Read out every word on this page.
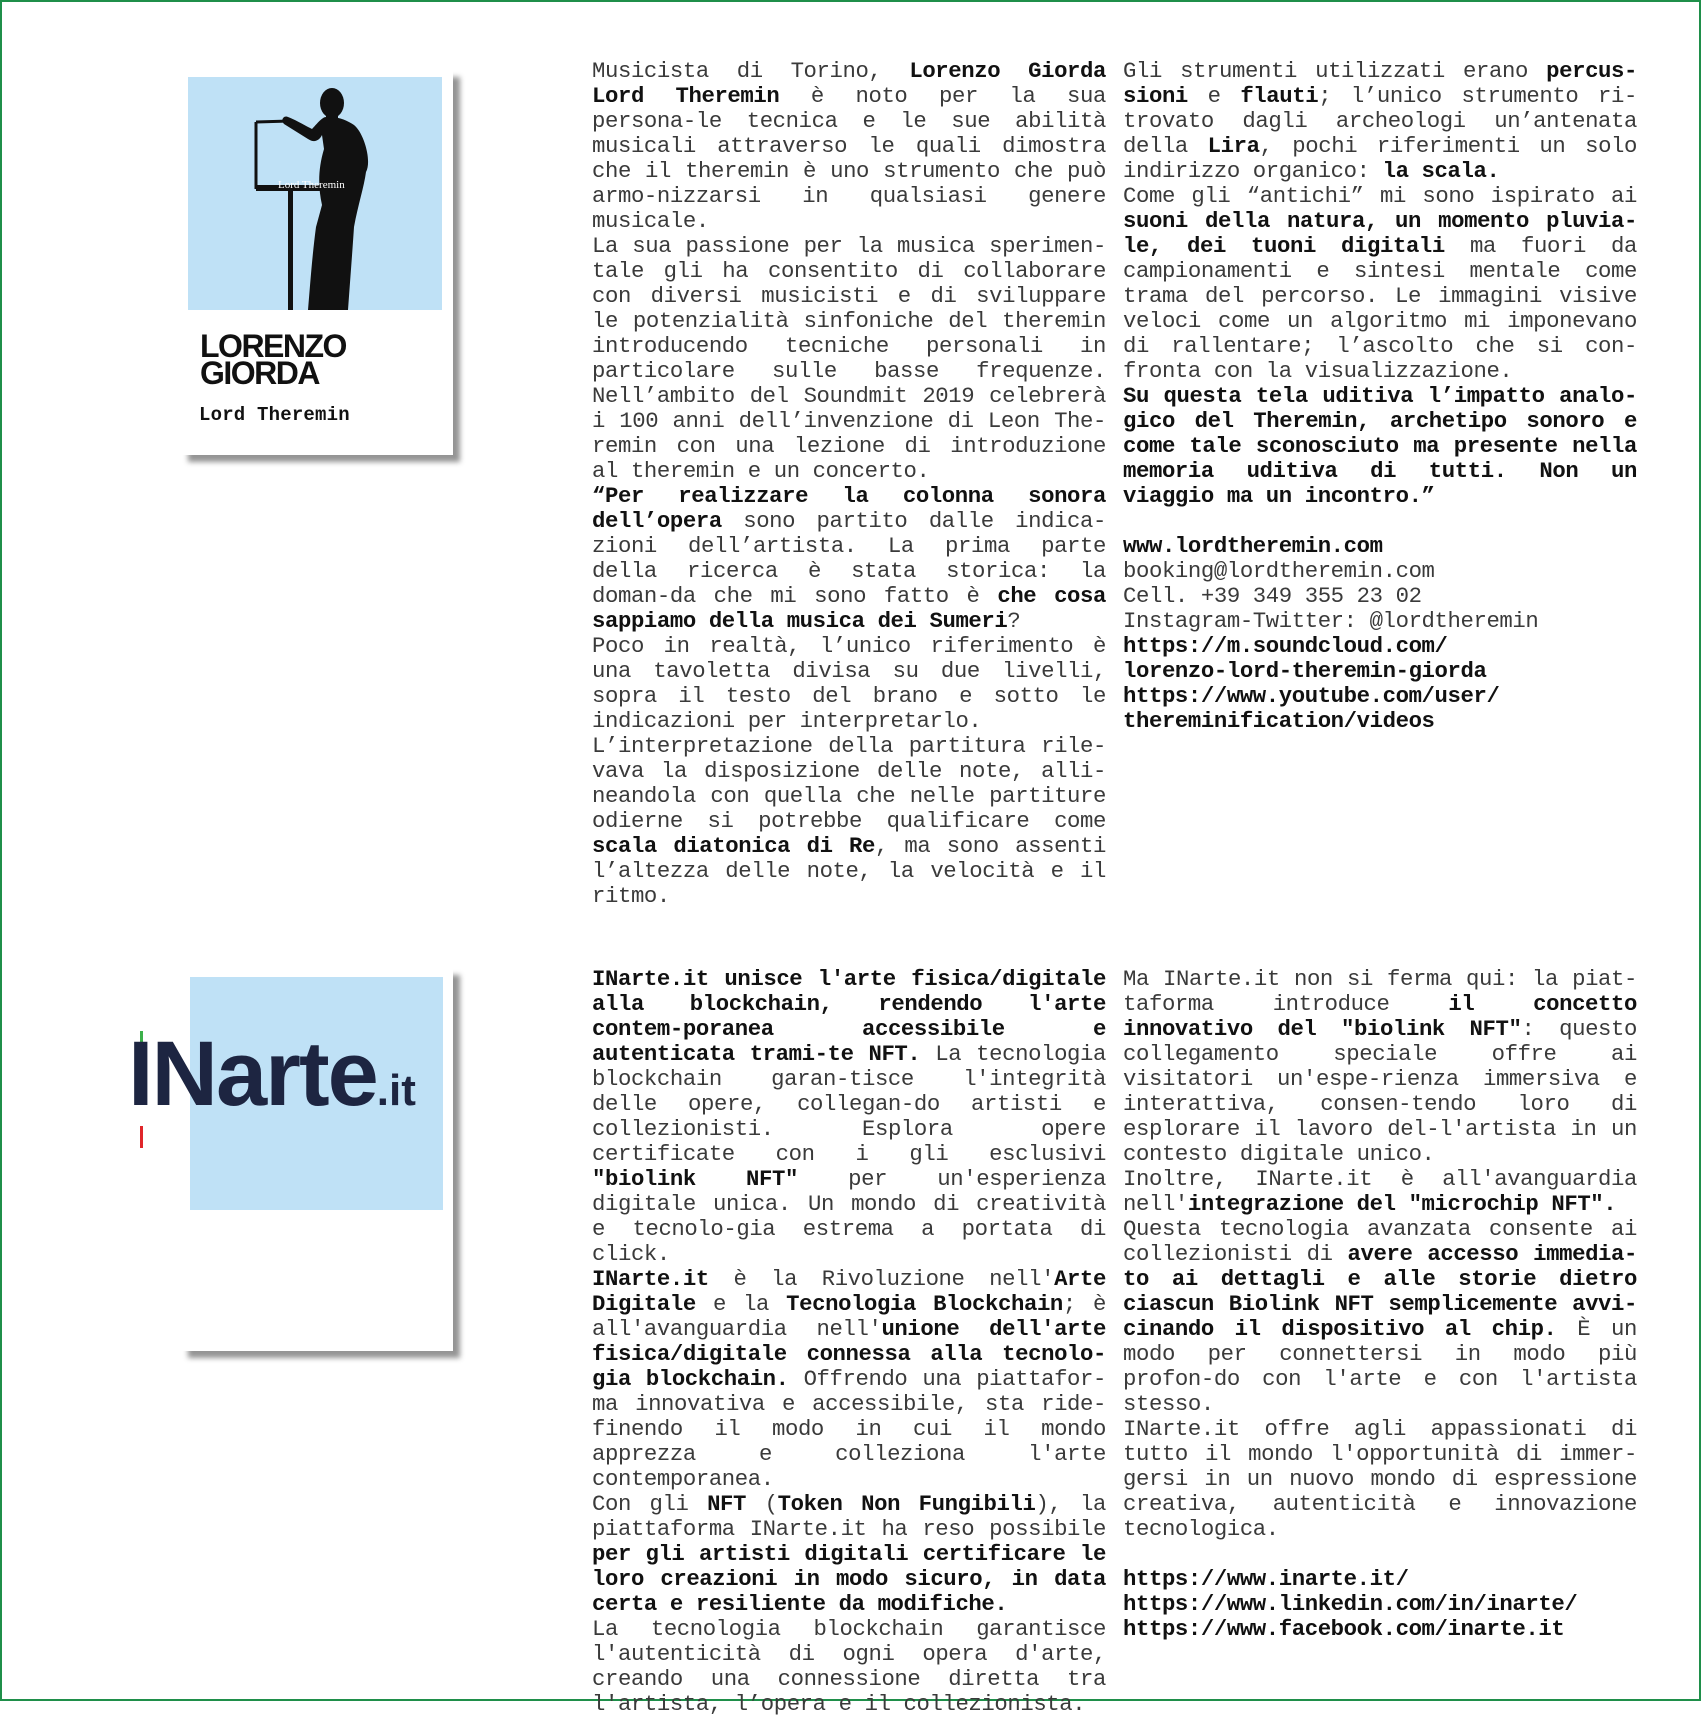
Lord Theremin
LORENZO
GIORDA
Lord Theremin
INarte.it

Musicista di Torino, Lorenzo Giorda Lord Theremin è noto per la sua persona-le tecnica e le sue abilità musicali attraverso le quali dimostra che il theremin è uno strumento che può armo-nizzarsi in qualsiasi genere musicale.

La sua passione per la musica sperimen-tale gli ha consentito di collaborare con diversi musicisti e di sviluppare le potenzialità sinfoniche del theremin introducendo tecniche personali in particolare sulle basse frequenze. Nell’ambito del Soundmit 2019 celebrerà i 100 anni dell’invenzione di Leon The-remin con una lezione di introduzione al theremin e un concerto.

“Per realizzare la colonna sonora dell’opera sono partito dalle indica-zioni dell’artista. La prima parte della ricerca è stata storica: la doman-da che mi sono fatto è che cosa sappiamo della musica dei Sumeri?

Poco in realtà, l’unico riferimento è una tavoletta divisa su due livelli, sopra il testo del brano e sotto le indicazioni per interpretarlo.

L’interpretazione della partitura rile-vava la disposizione delle note, alli-neandola con quella che nelle partiture odierne si potrebbe qualificare come scala diatonica di Re, ma sono assenti l’altezza delle note, la velocità e il ritmo.

Gli strumenti utilizzati erano percus-sioni e flauti; l’unico strumento ri-trovato dagli archeologi un’antenata della Lira, pochi riferimenti un solo indirizzo organico: la scala.

Come gli “antichi” mi sono ispirato ai suoni della natura, un momento pluvia-le, dei tuoni digitali ma fuori da campionamenti e sintesi mentale come trama del percorso. Le immagini visive veloci come un algoritmo mi imponevano di rallentare; l’ascolto che si con-fronta con la visualizzazione.

Su questa tela uditiva l’impatto analo-gico del Theremin, archetipo sonoro e come tale sconosciuto ma presente nella memoria uditiva di tutti. Non un viaggio ma un incontro.”

www.lordtheremin.com
booking@lordtheremin.com
Cell. +39 349 355 23 02
Instagram-Twitter: @lordtheremin
https://m.soundcloud.com/
lorenzo-lord-theremin-giorda
https://www.youtube.com/user/
thereminification/videos

INarte.it unisce l'arte fisica/digitale alla blockchain, rendendo l'arte contem-poranea accessibile e autenticata trami-te NFT. La tecnologia blockchain garan-tisce l'integrità delle opere, collegan-do artisti e collezionisti. Esplora opere certificate con i gli esclusivi "biolink NFT" per un'esperienza digitale unica. Un mondo di creatività e tecnolo-gia estrema a portata di click.

INarte.it è la Rivoluzione nell'Arte Digitale e la Tecnologia Blockchain; è all'avanguardia nell'unione dell'arte fisica/digitale connessa alla tecnolo-gia blockchain. Offrendo una piattafor-ma innovativa e accessibile, sta ride-finendo il modo in cui il mondo apprezza e colleziona l'arte contemporanea.

Con gli NFT (Token Non Fungibili), la piattaforma INarte.it ha reso possibile per gli artisti digitali certificare le loro creazioni in modo sicuro, in data certa e resiliente da modifiche.

La tecnologia blockchain garantisce l'autenticità di ogni opera d'arte, creando una connessione diretta tra l'artista, l’opera e il collezionista.

Ma INarte.it non si ferma qui: la piat-taforma introduce il concetto innovativo del "biolink NFT": questo collegamento speciale offre ai visitatori un'espe-rienza immersiva e interattiva, consen-tendo loro di esplorare il lavoro del-l'artista in un contesto digitale unico.

Inoltre, INarte.it è all'avanguardia nell'integrazione del "microchip NFT".

Questa tecnologia avanzata consente ai collezionisti di avere accesso immedia-to ai dettagli e alle storie dietro ciascun Biolink NFT semplicemente avvi-cinando il dispositivo al chip. È un modo per connettersi in modo più profon-do con l'arte e con l'artista stesso.

INarte.it offre agli appassionati di tutto il mondo l'opportunità di immer-gersi in un nuovo mondo di espressione creativa, autenticità e innovazione tecnologica.

https://www.inarte.it/
https://www.linkedin.com/in/inarte/
https://www.facebook.com/inarte.it
